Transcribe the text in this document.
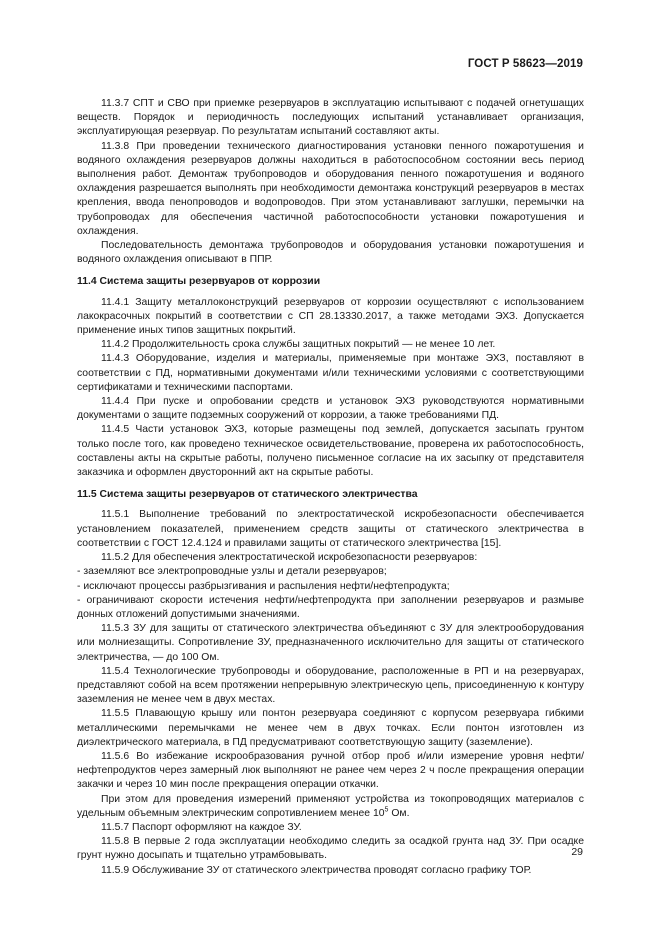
ГОСТ Р 58623—2019

11.3.7 СПТ и СВО при приемке резервуаров в эксплуатацию испытывают с подачей огнетушащих веществ. Порядок и периодичность последующих испытаний устанавливает организация, эксплуатирующая резервуар. По результатам испытаний составляют акты.

11.3.8 При проведении технического диагностирования установки пенного пожаротушения и водяного охлаждения резервуаров должны находиться в работоспособном состоянии весь период выполнения работ. Демонтаж трубопроводов и оборудования пенного пожаротушения и водяного охлаждения разрешается выполнять при необходимости демонтажа конструкций резервуаров в местах крепления, ввода пенопроводов и водопроводов. При этом устанавливают заглушки, перемычки на трубопроводах для обеспечения частичной работоспособности установки пожаротушения и охлаждения.

Последовательность демонтажа трубопроводов и оборудования установки пожаротушения и водяного охлаждения описывают в ППР.

11.4 Система защиты резервуаров от коррозии

11.4.1 Защиту металлоконструкций резервуаров от коррозии осуществляют с использованием лакокрасочных покрытий в соответствии с СП 28.13330.2017, а также методами ЭХЗ. Допускается применение иных типов защитных покрытий.

11.4.2 Продолжительность срока службы защитных покрытий — не менее 10 лет.

11.4.3 Оборудование, изделия и материалы, применяемые при монтаже ЭХЗ, поставляют в соответствии с ПД, нормативными документами и/или техническими условиями с соответствующими сертификатами и техническими паспортами.

11.4.4 При пуске и опробовании средств и установок ЭХЗ руководствуются нормативными документами о защите подземных сооружений от коррозии, а также требованиями ПД.

11.4.5 Части установок ЭХЗ, которые размещены под землей, допускается засыпать грунтом только после того, как проведено техническое освидетельствование, проверена их работоспособность, составлены акты на скрытые работы, получено письменное согласие на их засыпку от представителя заказчика и оформлен двусторонний акт на скрытые работы.

11.5 Система защиты резервуаров от статического электричества

11.5.1 Выполнение требований по электростатической искробезопасности обеспечивается установлением показателей, применением средств защиты от статического электричества в соответствии с ГОСТ 12.4.124 и правилами защиты от статического электричества [15].

11.5.2 Для обеспечения электростатической искробезопасности резервуаров:

- заземляют все электропроводные узлы и детали резервуаров;

- исключают процессы разбрызгивания и распыления нефти/нефтепродукта;

- ограничивают скорости истечения нефти/нефтепродукта при заполнении резервуаров и размыве донных отложений допустимыми значениями.

11.5.3 ЗУ для защиты от статического электричества объединяют с ЗУ для электрооборудования или молниезащиты. Сопротивление ЗУ, предназначенного исключительно для защиты от статического электричества, — до 100 Ом.

11.5.4 Технологические трубопроводы и оборудование, расположенные в РП и на резервуарах, представляют собой на всем протяжении непрерывную электрическую цепь, присоединенную к контуру заземления не менее чем в двух местах.

11.5.5 Плавающую крышу или понтон резервуара соединяют с корпусом резервуара гибкими металлическими перемычками не менее чем в двух точках. Если понтон изготовлен из диэлектрического материала, в ПД предусматривают соответствующую защиту (заземление).

11.5.6 Во избежание искрообразования ручной отбор проб и/или измерение уровня нефти/нефтепродуктов через замерный люк выполняют не ранее чем через 2 ч после прекращения операции закачки и через 10 мин после прекращения операции откачки.

При этом для проведения измерений применяют устройства из токопроводящих материалов с удельным объемным электрическим сопротивлением менее $10^5$ Ом.

11.5.7 Паспорт оформляют на каждое ЗУ.

11.5.8 В первые 2 года эксплуатации необходимо следить за осадкой грунта над ЗУ. При осадке грунт нужно досыпать и тщательно утрамбовывать.

11.5.9 Обслуживание ЗУ от статического электричества проводят согласно графику ТОР.

29
